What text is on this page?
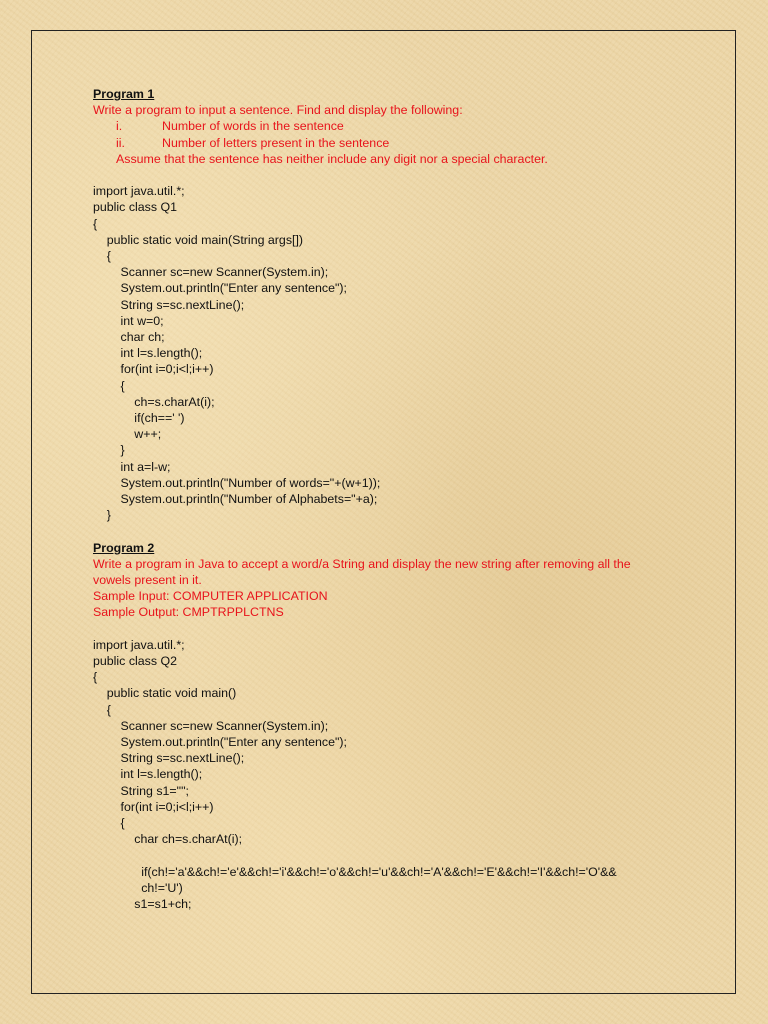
Program 1
Write a program to input a sentence. Find and display the following:
i.	Number of words in the sentence
ii.	Number of letters present in the sentence
Assume that the sentence has neither include any digit nor a special character.
import java.util.*;
public class Q1
{
public static void main(String args[])
{
Scanner sc=new Scanner(System.in);
System.out.println("Enter any sentence");
String s=sc.nextLine();
int w=0;
char ch;
int l=s.length();
for(int i=0;i<l;i++)
{
ch=s.charAt(i);
if(ch==' ')
w++;
}
int a=l-w;
System.out.println("Number of words="+(w+1));
System.out.println("Number of Alphabets="+a);
}
Program 2
Write a program in Java to accept a word/a String and display the new string after removing all the vowels present in it.
Sample Input: COMPUTER APPLICATION
Sample Output: CMPTRPPLCTNS
import java.util.*;
public class Q2
{
public static void main()
{
Scanner sc=new Scanner(System.in);
System.out.println("Enter any sentence");
String s=sc.nextLine();
int l=s.length();
String s1="";
for(int i=0;i<l;i++)
{
char ch=s.charAt(i);
if(ch!='a'&&ch!='e'&&ch!='i'&&ch!='o'&&ch!='u'&&ch!='A'&&ch!='E'&&ch!='I'&&ch!='O'&&
ch!='U')
s1=s1+ch;
